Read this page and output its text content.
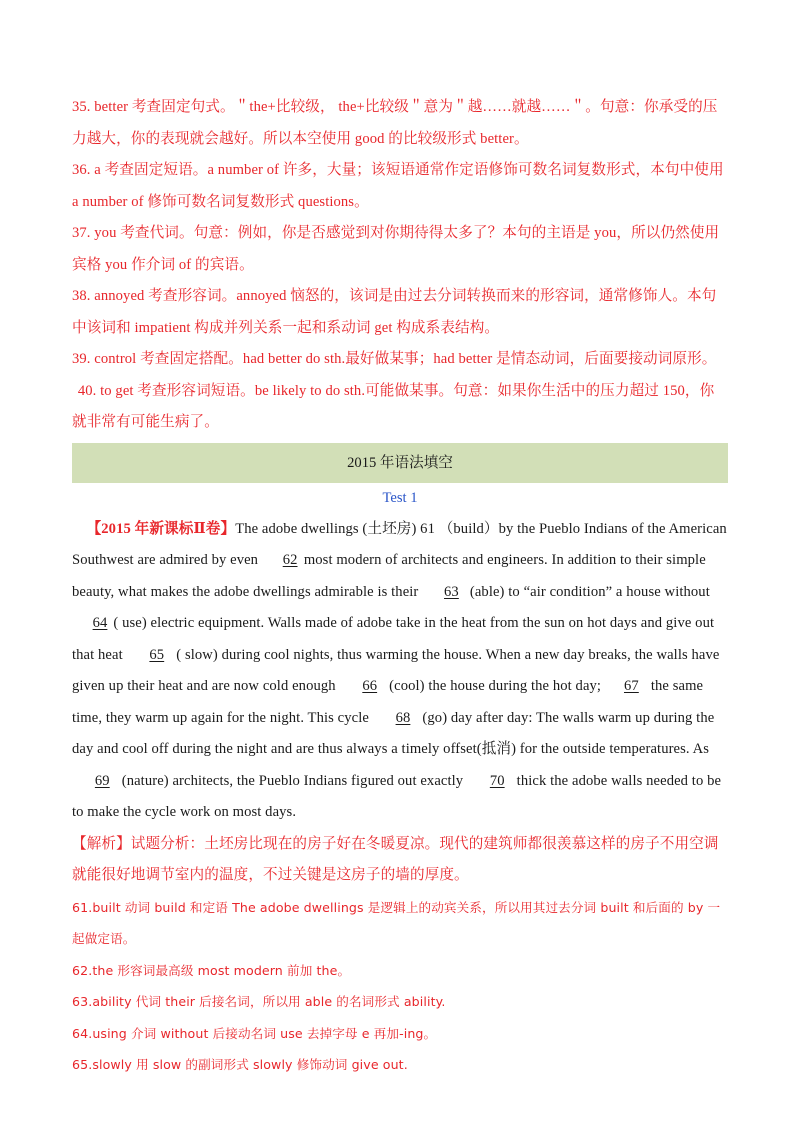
35. better 考查固定句式。＂the+比较级， the+比较级＂意为＂越……就越……＂。句意：你承受的压力越大，你的表现就会越好。所以本空使用 good 的比较级形式 better。

36. a 考查固定短语。a number of 许多，大量；该短语通常作定语修饰可数名词复数形式，本句中使用 a number of 修饰可数名词复数形式 questions。

37. you 考查代词。句意：例如，你是否感觉到对你期待得太多了？本句的主语是 you，所以仍然使用宾格 you 作介词 of 的宾语。

38. annoyed 考查形容词。annoyed 恼怒的，该词是由过去分词转换而来的形容词，通常修饰人。本句中该词和 impatient 构成并列关系一起和系动词 get 构成系表结构。

39. control 考查固定搭配。had better do sth.最好做某事；had better 是情态动词，后面要接动词原形。

40. to get 考查形容词短语。be likely to do sth.可能做某事。句意：如果你生活中的压力超过 150，你就非常有可能生病了。

2015 年语法填空

Test 1

【2015 年新课标Ⅱ卷】The adobe dwellings (土坯房) 61 （build）by the Pueblo Indians of the American Southwest are admired by even 62 most modern of architects and engineers. In addition to their simple beauty, what makes the adobe dwellings admirable is their 63 (able) to “air condition” a house without 64 ( use) electric equipment. Walls made of adobe take in the heat from the sun on hot days and give out that heat 65 ( slow) during cool nights, thus warming the house. When a new day breaks, the walls have given up their heat and are now cold enough 66 (cool) the house during the hot day; 67 the same time, they warm up again for the night. This cycle 68 (go) day after day: The walls warm up during the day and cool off during the night and are thus always a timely offset(抵消) for the outside temperatures. As 69 (nature) architects, the Pueblo Indians figured out exactly 70 thick the adobe walls needed to be to make the cycle work on most days.

【解析】试题分析：土坯房比现在的房子好在冬暖夏凉。现代的建筑师都很羡慕这样的房子不用空调就能很好地调节室内的温度，不过关键是这房子的墙的厚度。

61.built 动词 build 和定语 The adobe dwellings 是逻辑上的动宾关系，所以用其过去分词 built 和后面的 by 一起做定语。

62.the 形容词最高级 most modern 前加 the。

63.ability 代词 their 后接名词，所以用 able 的名词形式 ability.

64.using 介词 without 后接动名词 use 去掉字母 e 再加-ing。

65.slowly 用 slow 的副词形式 slowly 修饰动词 give out.
